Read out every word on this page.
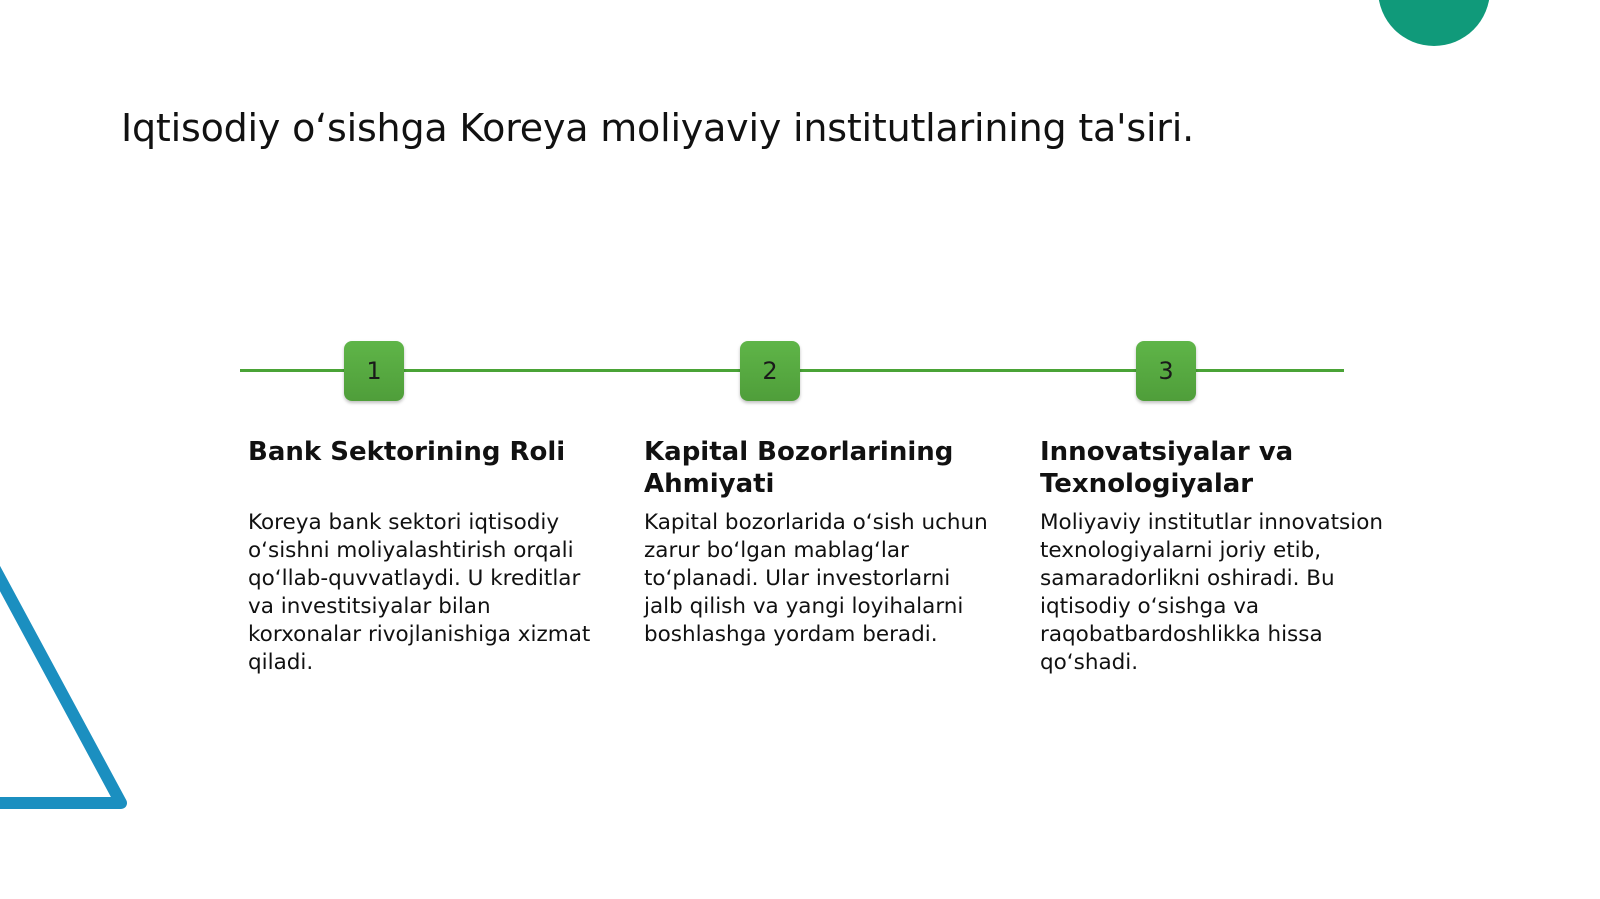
Iqtisodiy o‘sishga Koreya moliyaviy institutlarining ta'siri.
1	2	3
Bank Sektorining Roli

Koreya bank sektori iqtisodiy o‘sishni moliyalashtirish orqali qo‘llab-quvvatlaydi. U kreditlar va investitsiyalar bilan korxonalar rivojlanishiga xizmat qiladi.

Kapital Bozorlarining Ahmiyati

Kapital bozorlarida o‘sish uchun zarur bo‘lgan mablag‘lar to‘planadi. Ular investorlarni jalb qilish va yangi loyihalarni boshlashga yordam beradi.

Innovatsiyalar va Texnologiyalar

Moliyaviy institutlar innovatsion texnologiyalarni joriy etib, samaradorlikni oshiradi. Bu iqtisodiy o‘sishga va raqobatbardoshlikka hissa qo‘shadi.
